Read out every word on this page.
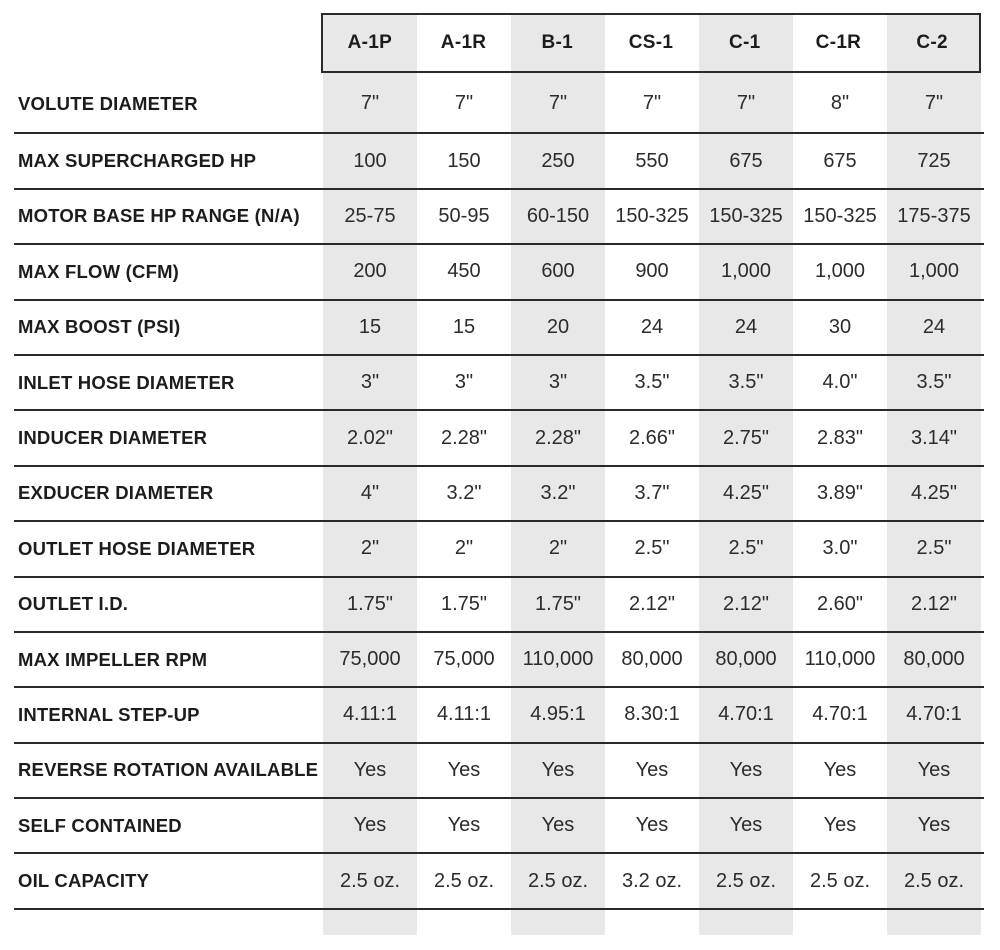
A-1P	A-1R	B-1	CS-1	C-1	C-1R	C-2
VOLUTE DIAMETER	7"	7"	7"	7"	7"	8"	7"
MAX SUPERCHARGED HP	100	150	250	550	675	675	725
MOTOR BASE HP RANGE (N/A)	25-75	50-95	60-150	150-325	150-325	150-325	175-375
MAX FLOW (CFM)	200	450	600	900	1,000	1,000	1,000
MAX BOOST (PSI)	15	15	20	24	24	30	24
INLET HOSE DIAMETER	3"	3"	3"	3.5"	3.5"	4.0"	3.5"
INDUCER DIAMETER	2.02"	2.28"	2.28"	2.66"	2.75"	2.83"	3.14"
EXDUCER DIAMETER	4"	3.2"	3.2"	3.7"	4.25"	3.89"	4.25"
OUTLET HOSE DIAMETER	2"	2"	2"	2.5"	2.5"	3.0"	2.5"
OUTLET I.D.	1.75"	1.75"	1.75"	2.12"	2.12"	2.60"	2.12"
MAX IMPELLER RPM	75,000	75,000	110,000	80,000	80,000	110,000	80,000
INTERNAL STEP-UP	4.11:1	4.11:1	4.95:1	8.30:1	4.70:1	4.70:1	4.70:1
REVERSE ROTATION AVAILABLE	Yes	Yes	Yes	Yes	Yes	Yes	Yes
SELF CONTAINED	Yes	Yes	Yes	Yes	Yes	Yes	Yes
OIL CAPACITY	2.5 oz.	2.5 oz.	2.5 oz.	3.2 oz.	2.5 oz.	2.5 oz.	2.5 oz.
